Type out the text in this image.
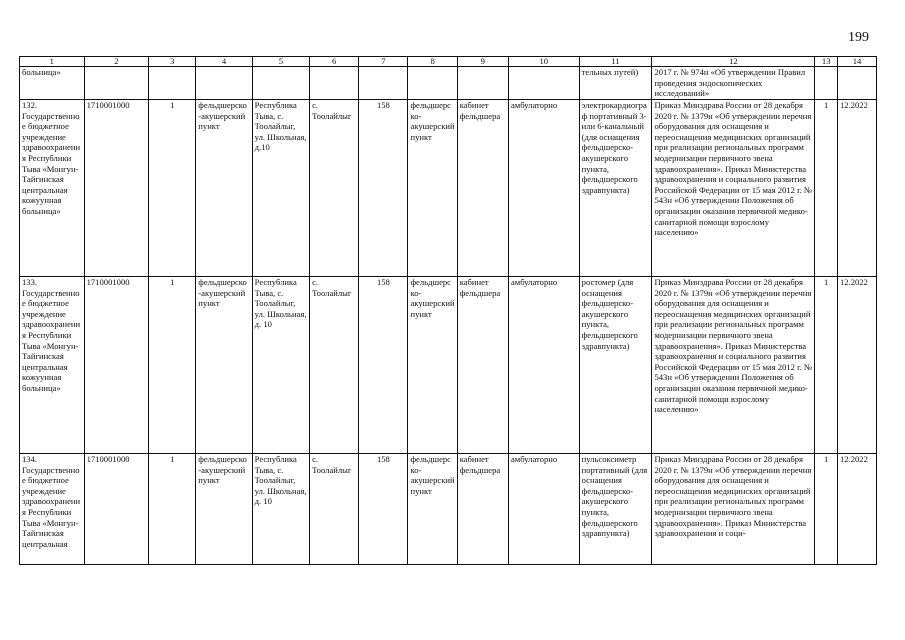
199
1	2	3	4	5	6	7	8	9	10	11	12	13	14
больница»										тельных путей)	2017 г. № 974н «Об утверждении Правил проведения эндоскопических исследований»		
132. Государственное бюджетное учреждение здравоохранения Республики Тыва «Монгун-Тайгинская центральная кожуунная больница»	1710001000	1	фельдшерско-акушерский пункт	Республика Тыва, с. Тоолайлыг, ул. Школьная, д.10	с. Тоолайлыг	158	фельдшерско-акушерский пункт	кабинет фельдшера	амбулаторно	электрокардиограф портативный 3- или 6-канальный (для оснащения фельдшерско-акушерского пункта, фельдшерского здравпункта)	Приказ Минздрава России от 28 декабря 2020 г. № 1379н «Об утверждении перечня оборудования для оснащения и переоснащения медицинских организаций при реализации региональных программ модернизации первичного звена здравоохранения». Приказ Министерства здравоохранения и социального развития Российской Федерации от 15 мая 2012 г. № 543н «Об утверждении Положения об организации оказания первичной медико-санитарной помощи взрослому населению»	1	12.2022
133. Государственное бюджетное учреждение здравоохранения Республики Тыва «Монгун-Тайгинская центральная кожуунная больница»	1710001000	1	фельдшерско-акушерский пункт	Республика Тыва, с. Тоолайлыг, ул. Школьная, д. 10	с. Тоолайлыг	158	фельдшерско-акушерский пункт	кабинет фельдшера	амбулаторно	ростомер (для оснащения фельдшерско-акушерского пункта, фельдшерского здравпункта)	Приказ Минздрава России от 28 декабря 2020 г. № 1379н «Об утверждении перечня оборудования для оснащения и переоснащения медицинских организаций при реализации региональных программ модернизации первичного звена здравоохранения». Приказ Министерства здравоохранения и социального развития Российской Федерации от 15 мая 2012 г. № 543н «Об утверждении Положения об организации оказания первичной медико-санитарной помощи взрослому населению»	1	12.2022
134. Государственное бюджетное учреждение здравоохранения Республики Тыва «Монгун-Тайгинская центральная	1710001000	1	фельдшерско-акушерский пункт	Республика Тыва, с. Тоолайлыг, ул. Школьная, д. 10	с. Тоолайлыг	158	фельдшерско-акушерский пункт	кабинет фельдшера	амбулаторно	пульсоксиметр портативный (для оснащения фельдшерско-акушерского пункта, фельдшерского здравпункта)	Приказ Минздрава России от 28 декабря 2020 г. № 1379н «Об утверждении перечня оборудования для оснащения и переоснащения медицинских организаций при реализации региональных программ модернизации первичного звена здравоохранения». Приказ Министерства здравоохранения и соци-	1	12.2022
